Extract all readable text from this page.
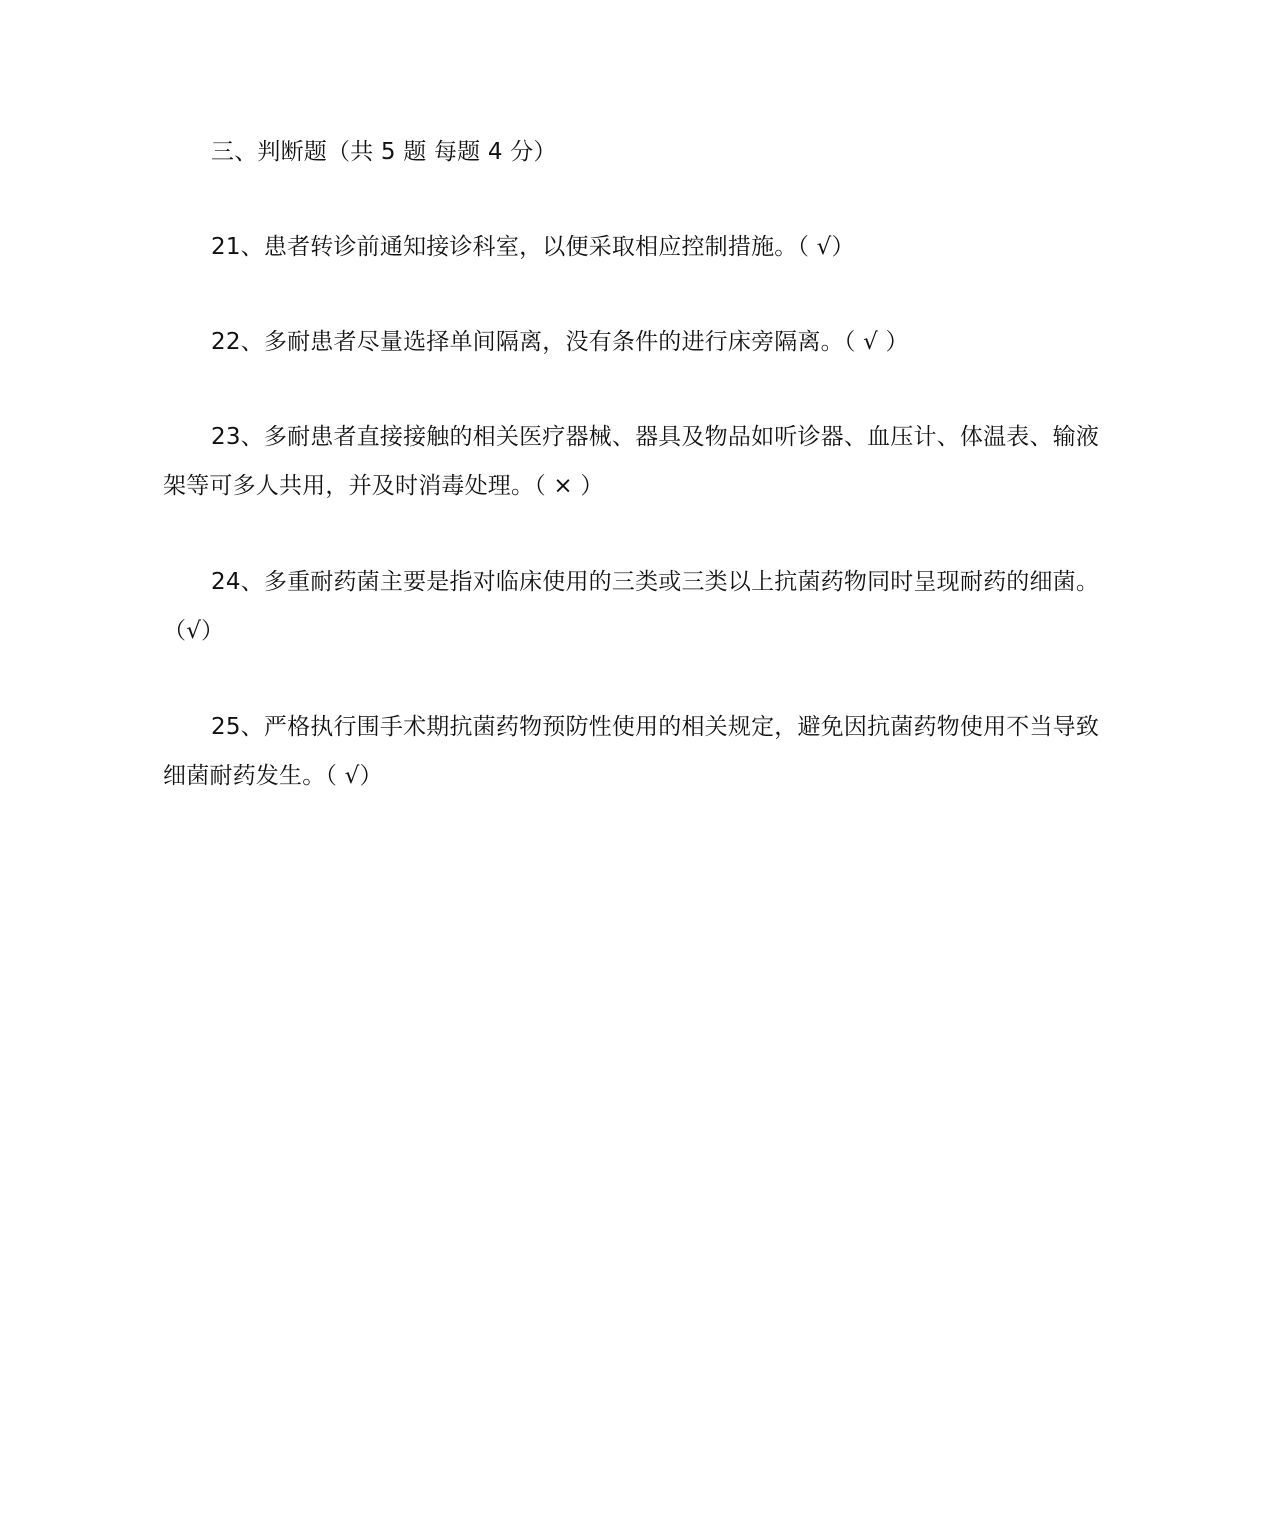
三、判断题（共 5 题 每题 4 分）

21、患者转诊前通知接诊科室，以便采取相应控制措施。（ √）

22、多耐患者尽量选择单间隔离，没有条件的进行床旁隔离。（ √ ）

23、多耐患者直接接触的相关医疗器械、器具及物品如听诊器、血压计、体温表、输液架等可多人共用，并及时消毒处理。（ × ）

24、多重耐药菌主要是指对临床使用的三类或三类以上抗菌药物同时呈现耐药的细菌。（√）

25、严格执行围手术期抗菌药物预防性使用的相关规定，避免因抗菌药物使用不当导致细菌耐药发生。（ √）
